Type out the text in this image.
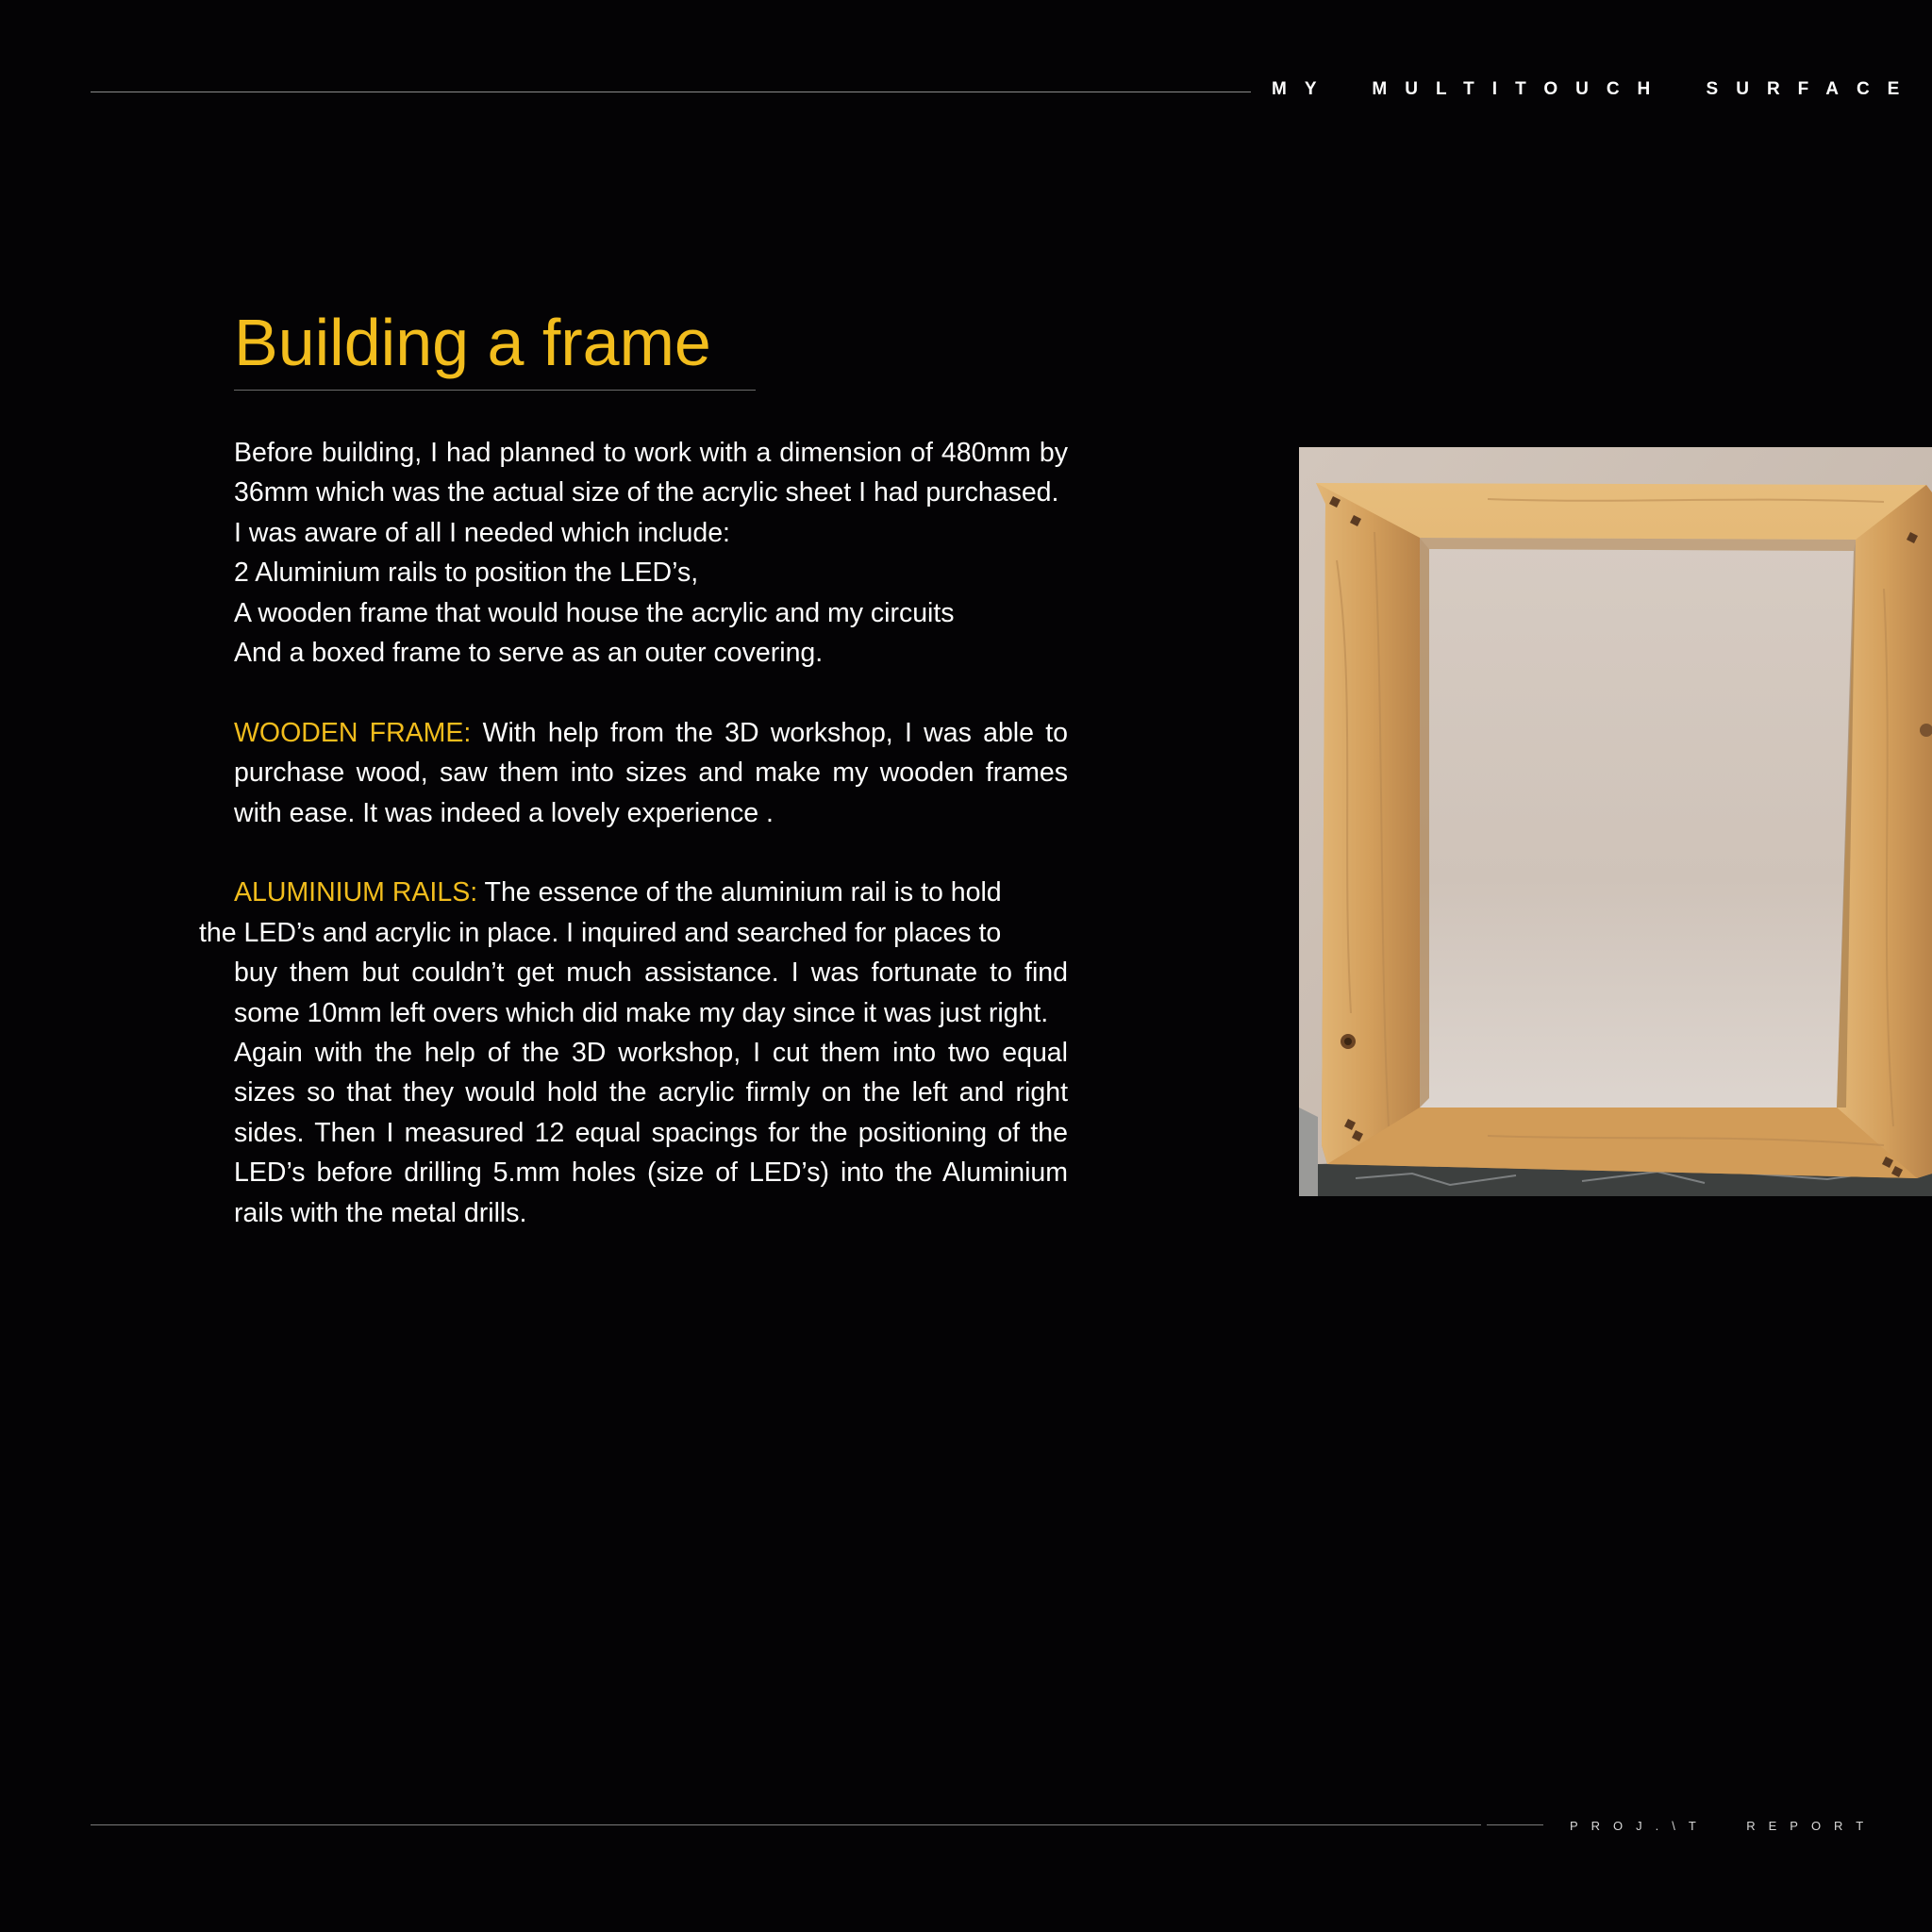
MY MULTITOUCH SURFACE
Building a frame

Before building, I had planned to work with a dimension of 480mm by 36mm which was the actual size of the acrylic sheet I had purchased.

I was aware of all I needed which include:

2 Aluminium rails to position the LED’s,

A wooden frame that would house the acrylic and my circuits

And a boxed frame to serve as an outer covering.

WOODEN FRAME: With help from the 3D workshop, I was able to purchase wood, saw them into sizes and make my wooden frames with ease. It was indeed a lovely experience .

ALUMINIUM RAILS: The essence of the aluminium rail is to hold

the LED’s and acrylic in place. I inquired and searched for places to

buy them but couldn’t get much assistance. I was fortunate to find some 10mm left overs which did make my day since it was just right.

Again with the help of the 3D workshop, I cut them into two equal sizes so that they would hold the acrylic firmly on the left and right sides. Then I measured 12 equal spacings for the positioning of the LED’s before drilling 5.mm holes (size of LED’s) into the Aluminium rails with the metal drills.

PROJ.\T REPORT
